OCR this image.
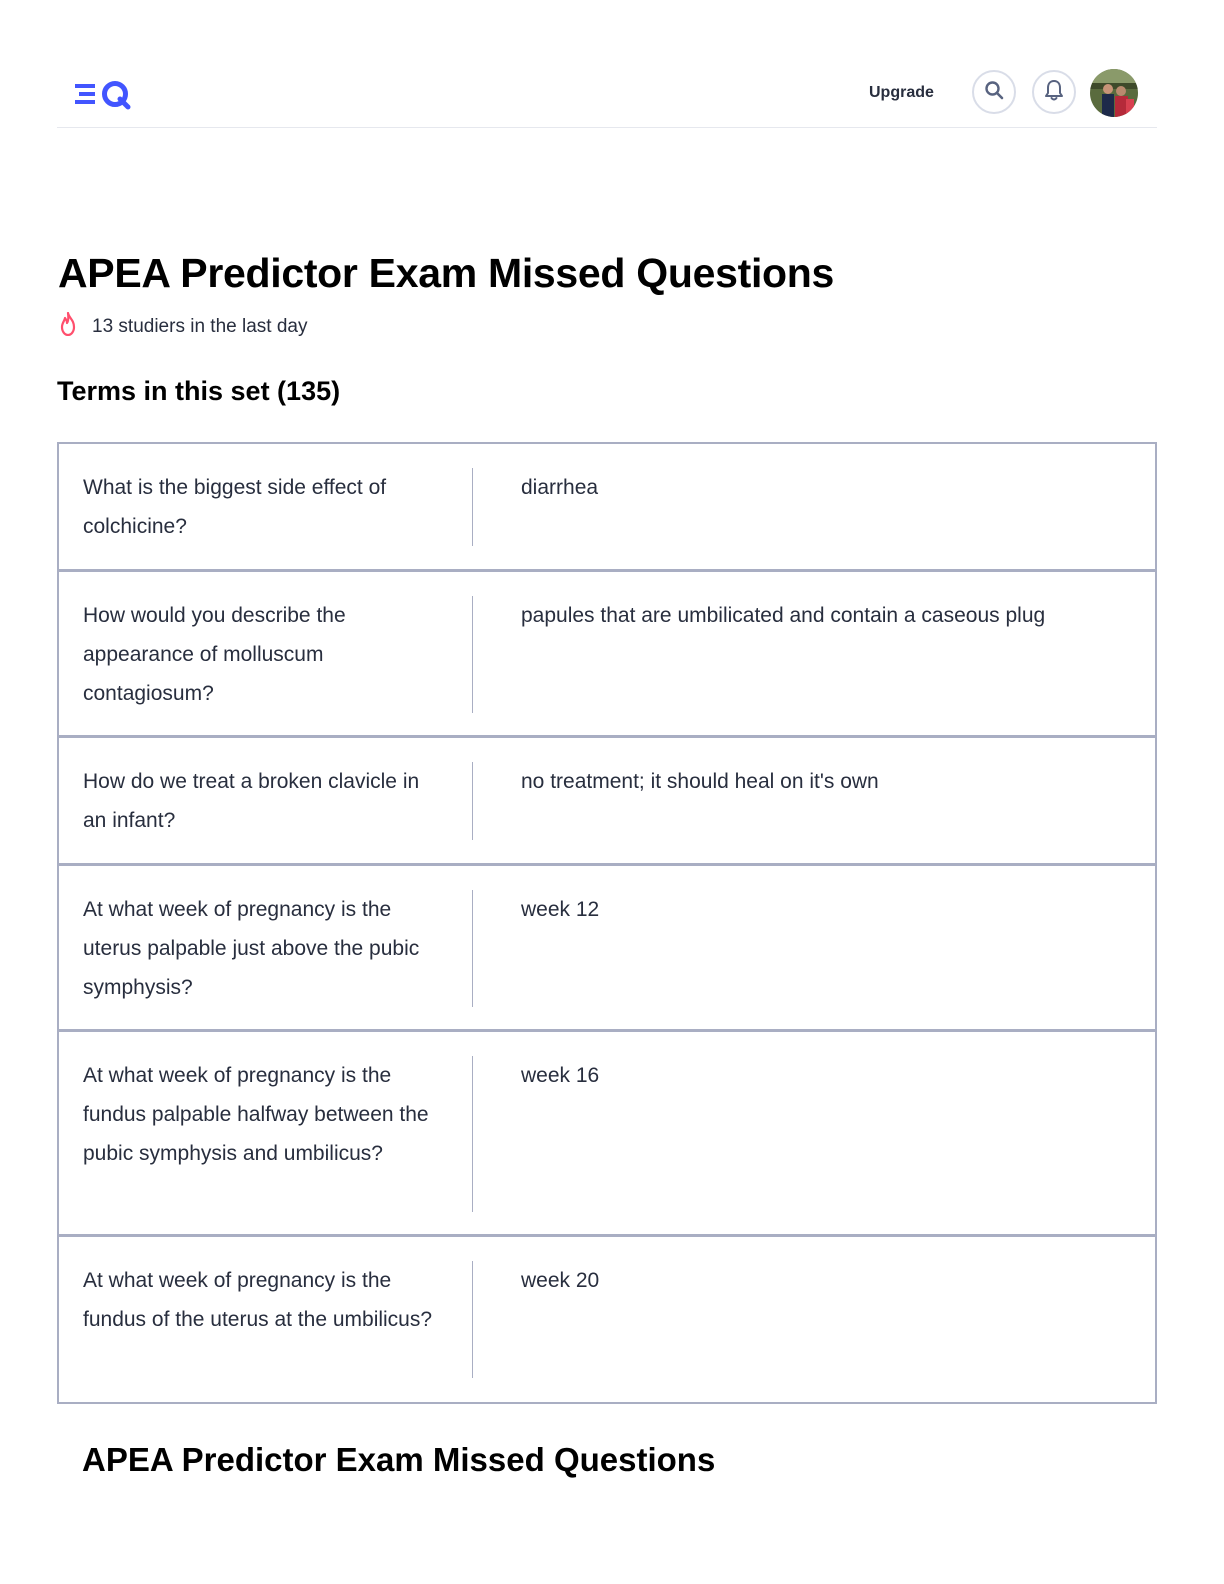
Upgrade
APEA Predictor Exam Missed Questions
13 studiers in the last day
Terms in this set (135)
What is the biggest side effect of colchicine?
diarrhea
How would you describe the appearance of molluscum contagiosum?
papules that are umbilicated and contain a caseous plug
How do we treat a broken clavicle in an infant?
no treatment; it should heal on it's own
At what week of pregnancy is the uterus palpable just above the pubic symphysis?
week 12
At what week of pregnancy is the fundus palpable halfway between the pubic symphysis and umbilicus?
week 16
At what week of pregnancy is the fundus of the uterus at the umbilicus?
week 20
APEA Predictor Exam Missed Questions
